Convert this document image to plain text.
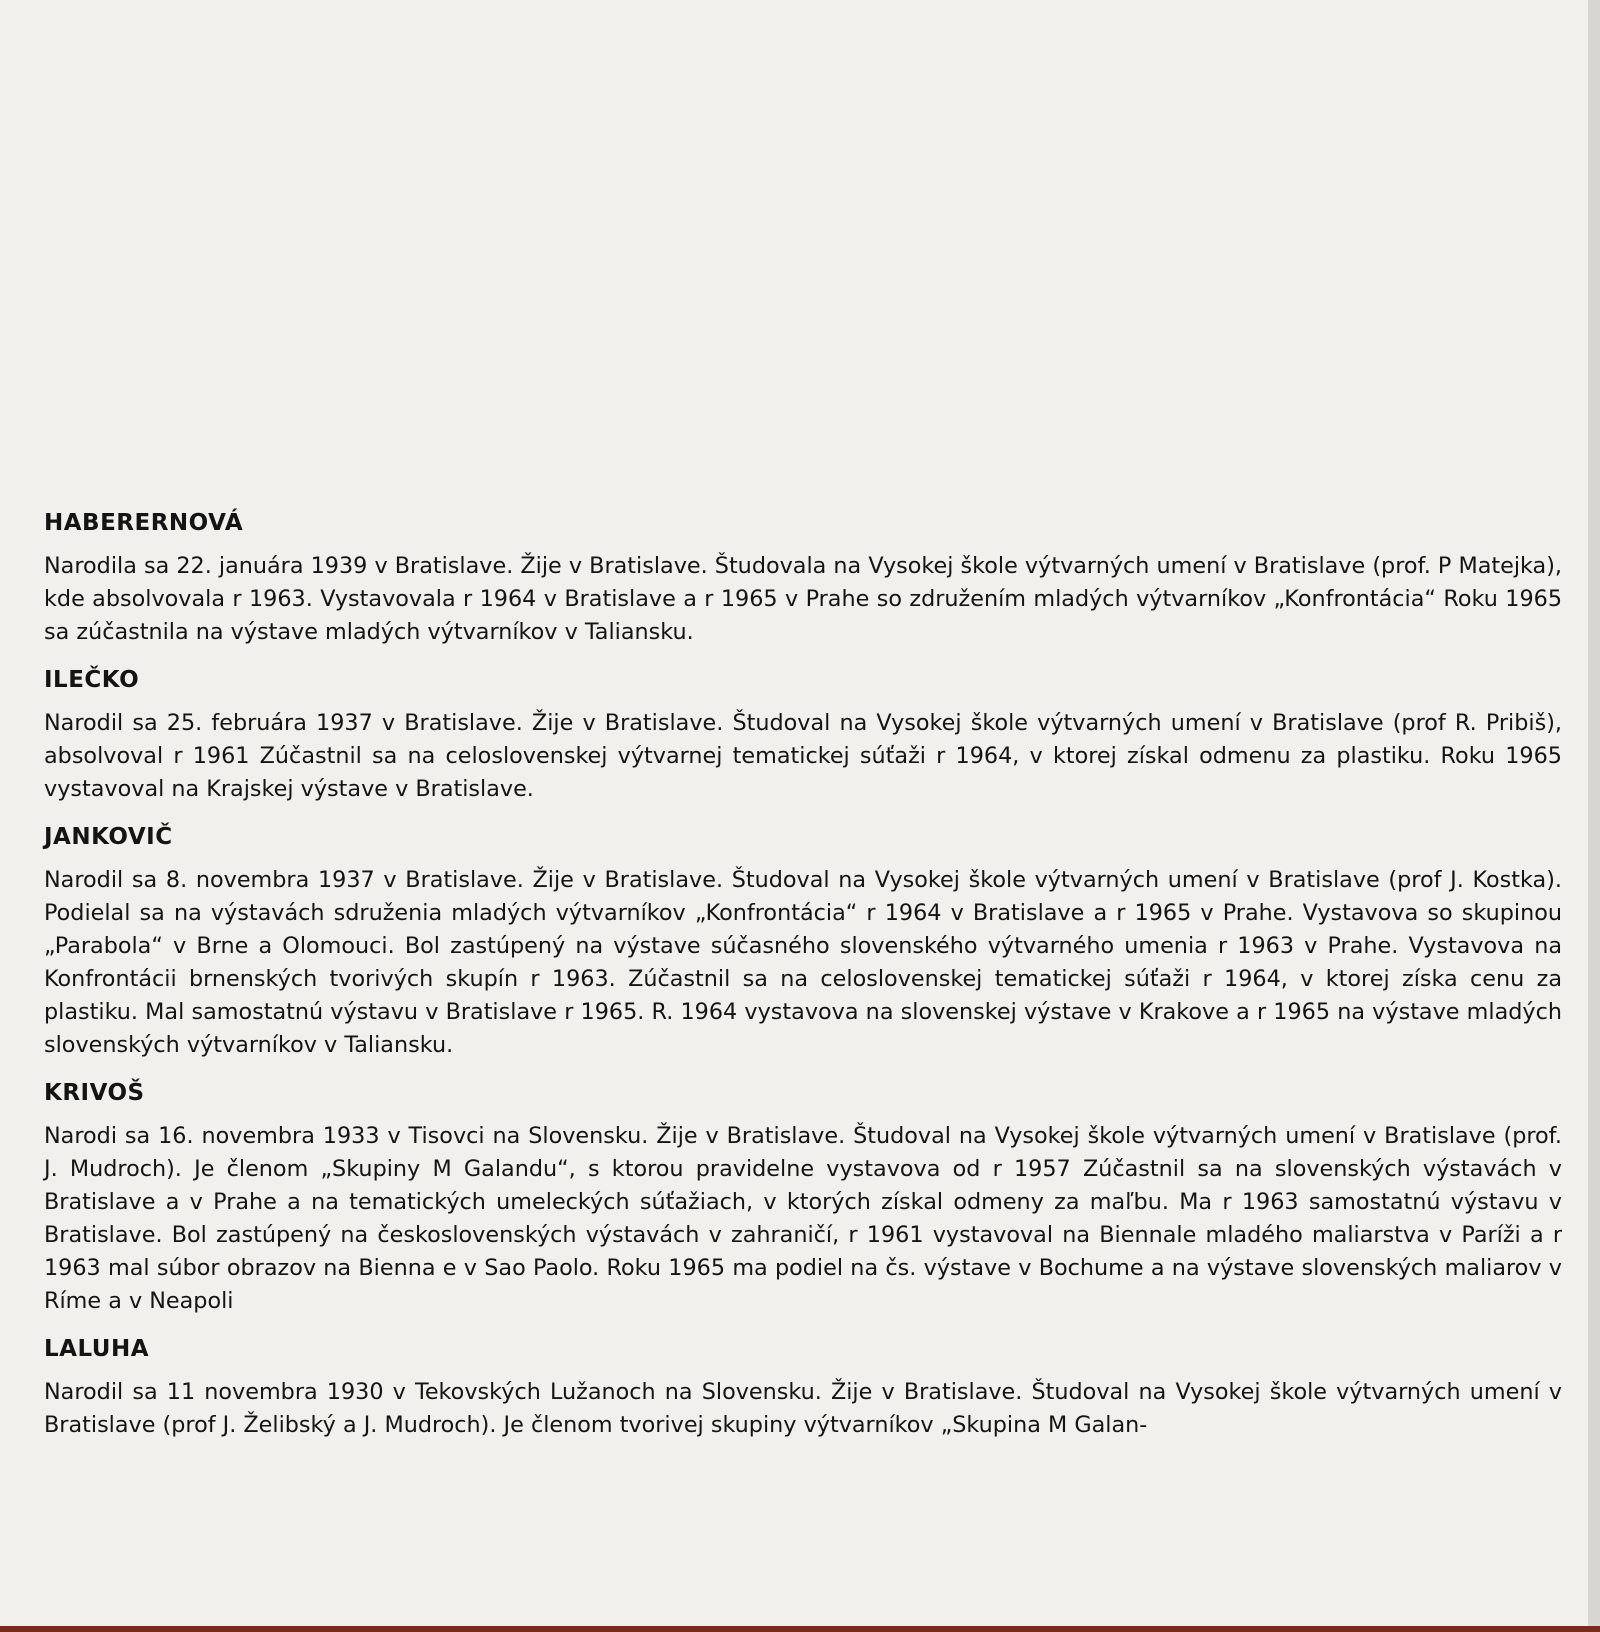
HABERERNOVÁ

Narodila sa 22. januára 1939 v Bratislave. Žije v Bratislave. Študovala na Vysokej škole výtvarných umení v Bratislave (prof. P Matejka), kde absolvovala r 1963. Vystavovala r 1964 v Bratislave a r 1965 v Prahe so združením mladých výtvarníkov „Konfrontácia“ Roku 1965 sa zúčastnila na výstave mladých výtvarníkov v Taliansku.

ILEČKO

Narodil sa 25. februára 1937 v Bratislave. Žije v Bratislave. Študoval na Vysokej škole výtvarných umení v Bratislave (prof R. Pribiš), absolvoval r 1961 Zúčastnil sa na celoslovenskej výtvarnej tematickej súťaži r 1964, v ktorej získal odmenu za plastiku. Roku 1965 vystavoval na Krajskej výstave v Bratislave.

JANKOVIČ

Narodil sa 8. novembra 1937 v Bratislave. Žije v Bratislave. Študoval na Vysokej škole výtvarných umení v Bratislave (prof J. Kostka). Podielal sa na výstavách sdruženia mladých výtvarníkov „Konfrontácia“ r 1964 v Bratislave a r 1965 v Prahe. Vystavova so skupinou „Parabola“ v Brne a Olomouci. Bol zastúpený na výstave súčasného slovenského výtvarného umenia r 1963 v Prahe. Vystavova na Konfrontácii brnenských tvorivých skupín r 1963. Zúčastnil sa na celoslovenskej tematickej súťaži r 1964, v ktorej získa cenu za plastiku. Mal samostatnú výstavu v Bratislave r 1965. R. 1964 vystavova na slovenskej výstave v Krakove a r 1965 na výstave mladých slovenských výtvarníkov v Taliansku.

KRIVOŠ

Narodi sa 16. novembra 1933 v Tisovci na Slovensku. Žije v Bratislave. Študoval na Vysokej škole výtvarných umení v Bratislave (prof. J. Mudroch). Je členom „Skupiny M Galandu“, s ktorou pravidelne vystavova od r 1957 Zúčastnil sa na slovenských výstavách v Bratislave a v Prahe a na tematických umeleckých súťažiach, v ktorých získal odmeny za maľbu. Ma r 1963 samostatnú výstavu v Bratislave. Bol zastúpený na československých výstavách v zahraničí, r 1961 vystavoval na Biennale mladého maliarstva v Paríži a r 1963 mal súbor obrazov na Bienna e v Sao Paolo. Roku 1965 ma podiel na čs. výstave v Bochume a na výstave slovenských maliarov v Ríme a v Neapoli

LALUHA

Narodil sa 11 novembra 1930 v Tekovských Lužanoch na Slovensku. Žije v Bratislave. Študoval na Vysokej škole výtvarných umení v Bratislave (prof J. Želibský a J. Mudroch). Je členom tvorivej skupiny výtvarníkov „Skupina M Galan-
